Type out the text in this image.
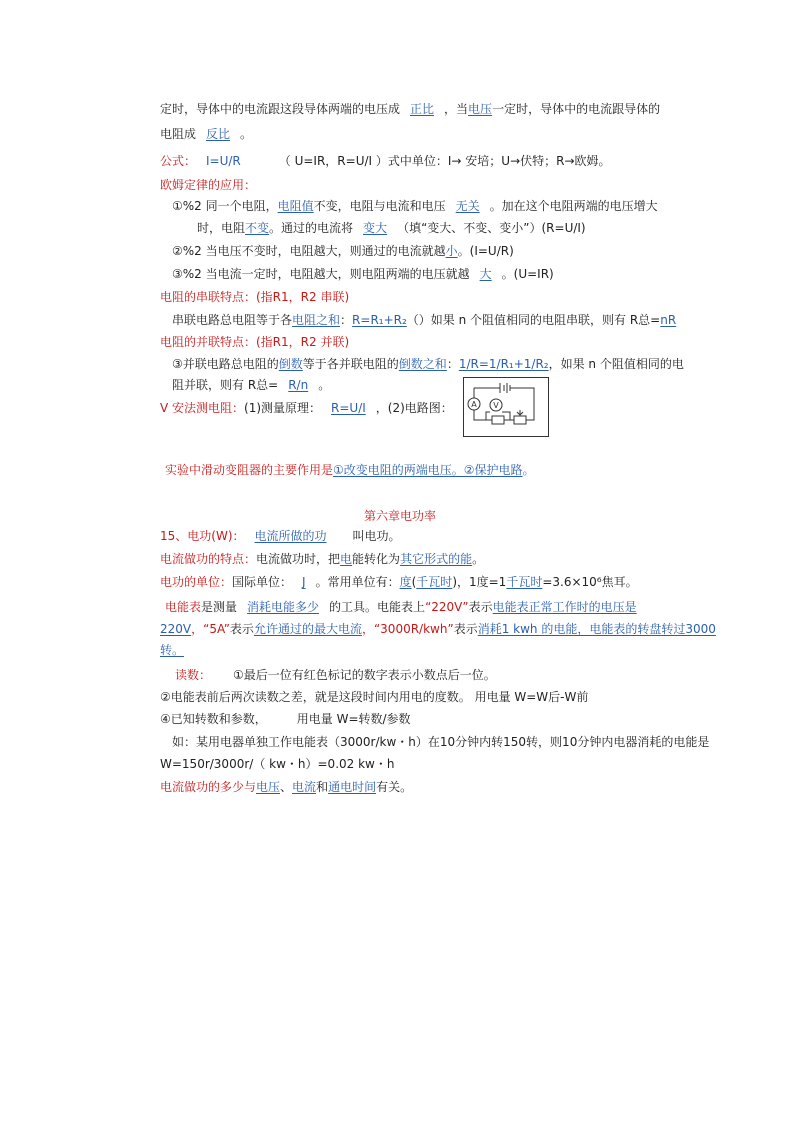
定时，导体中的电流跟这段导体两端的电压成 正比 ，当电压一定时，导体中的电流跟导体的
电阻成 反比 。
公式： I=U/R	（ U=IR，R=U/I ）式中单位：I→ 安培；U→伏特；R→欧姆。
欧姆定律的应用：
①%2 同一个电阻，电阻值不变，电阻与电流和电压 无关 。加在这个电阻两端的电压增大
时，电阻不变。通过的电流将 变大 （填“变大、不变、变小”）(R=U/I)
②%2 当电压不变时，电阻越大，则通过的电流就越小。(I=U/R)
③%2 当电流一定时，电阻越大，则电阻两端的电压就越 大 。(U=IR)
电阻的串联特点：(指R1，R2 串联)
串联电路总电阻等于各电阻之和：R=R₁+R₂（）如果 n 个阻值相同的电阻串联，则有 R总=nR
电阻的并联特点：(指R1，R2 并联)
③并联电路总电阻的倒数等于各并联电阻的倒数之和：1/R=1/R₁+1/R₂，如果 n 个阻值相同的电
阻并联，则有 R总= R/n 。
V 安法测电阻：(1)测量原理： R=U/I ，(2)电路图： A V
实验中滑动变阻器的主要作用是①改变电阻的两端电压。②保护电路。
第六章电功率
15、电功(W)： 电流所做的功 叫电功。
电流做功的特点：电流做功时，把电能转化为其它形式的能。
电功的单位：国际单位： J 。常用单位有：度(千瓦时)，1度=1千瓦时=3.6×10⁶焦耳。
电能表是测量 消耗电能多少 的工具。电能表上“220V”表示电能表正常工作时的电压是
220V，“5A”表示允许通过的最大电流，“3000R/kwh”表示消耗1 kwh 的电能，电能表的转盘转过3000
转。
读数： ①最后一位有红色标记的数字表示小数点后一位。
②电能表前后两次读数之差，就是这段时间内用电的度数。 用电量 W=W后-W前
④已知转数和参数，	用电量 W=转数/参数
如：某用电器单独工作电能表（3000r/kw・h）在10分钟内转150转，则10分钟内电器消耗的电能是
W=150r/3000r/（ kw・h）=0.02 kw・h
电流做功的多少与电压、电流和通电时间有关。
